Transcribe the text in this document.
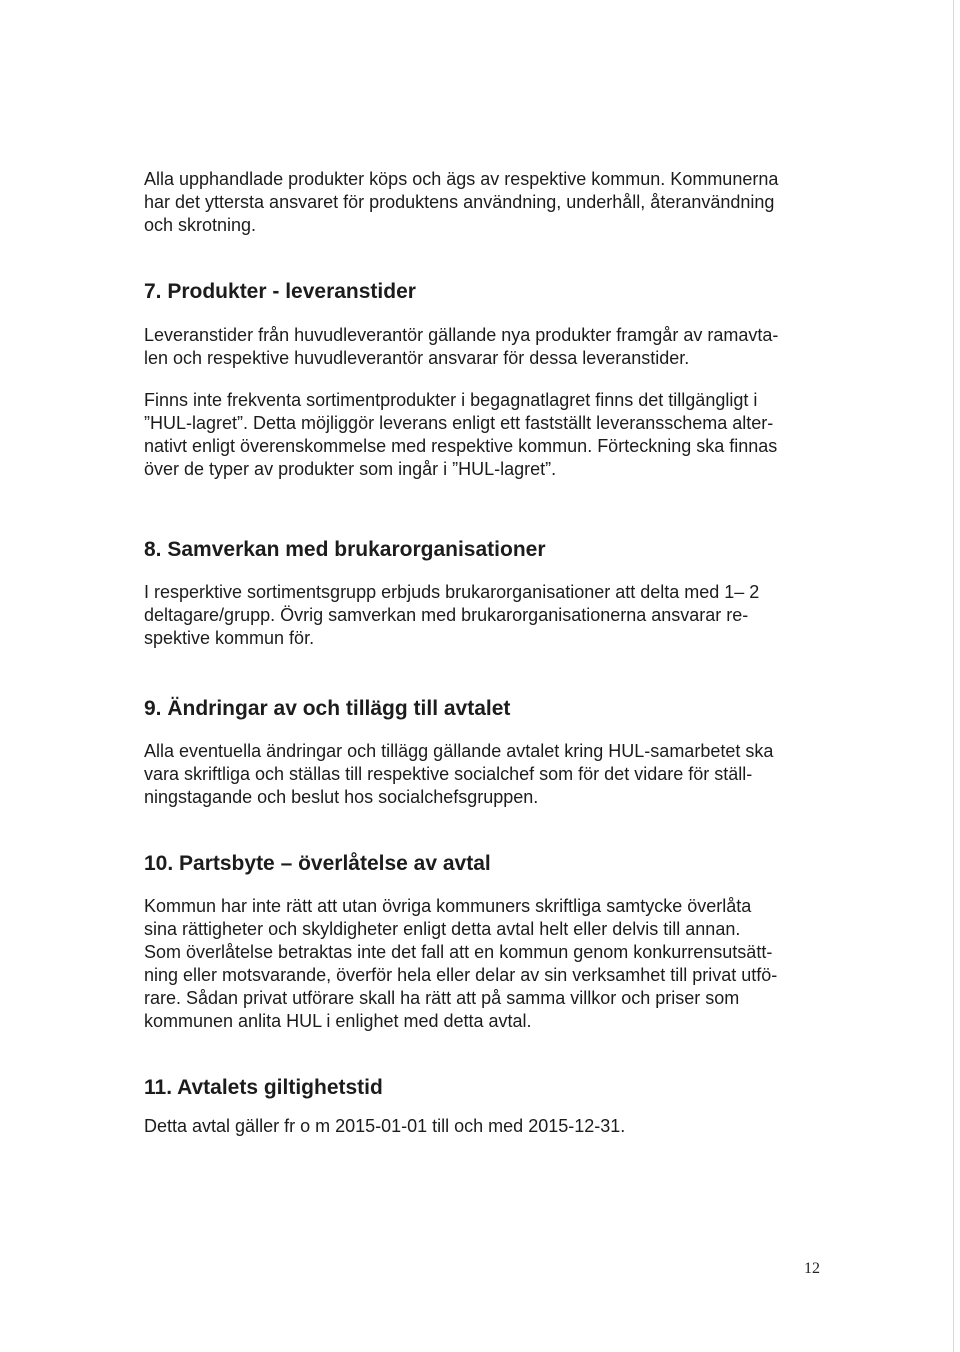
Alla upphandlade produkter köps och ägs av respektive kommun. Kommunerna
har det yttersta ansvaret för produktens användning, underhåll, återanvändning
och skrotning.

7. Produkter - leveranstider

Leveranstider från huvudleverantör gällande nya produkter framgår av ramavta-
len och respektive huvudleverantör ansvarar för dessa leveranstider.

Finns inte frekventa sortimentprodukter i begagnatlagret finns det tillgängligt i
”HUL-lagret”. Detta möjliggör leverans enligt ett fastställt leveransschema alter-
nativt enligt överenskommelse med respektive kommun. Förteckning ska finnas
över de typer av produkter som ingår i ”HUL-lagret”.

8. Samverkan med brukarorganisationer

I resperktive sortimentsgrupp erbjuds brukarorganisationer att delta med 1– 2
deltagare/grupp. Övrig samverkan med brukarorganisationerna ansvarar re-
spektive kommun för.

9. Ändringar av och tillägg till avtalet

Alla eventuella ändringar och tillägg gällande avtalet kring HUL-samarbetet ska
vara skriftliga och ställas till respektive socialchef som för det vidare för ställ-
ningstagande och beslut hos socialchefsgruppen.

10. Partsbyte – överlåtelse av avtal

Kommun har inte rätt att utan övriga kommuners skriftliga samtycke överlåta
sina rättigheter och skyldigheter enligt detta avtal helt eller delvis till annan.
Som överlåtelse betraktas inte det fall att en kommun genom konkurrensutsätt-
ning eller motsvarande, överför hela eller delar av sin verksamhet till privat utfö-
rare. Sådan privat utförare skall ha rätt att på samma villkor och priser som
kommunen anlita HUL i enlighet med detta avtal.

11. Avtalets giltighetstid

Detta avtal gäller fr o m 2015-01-01 till och med 2015-12-31.

12
